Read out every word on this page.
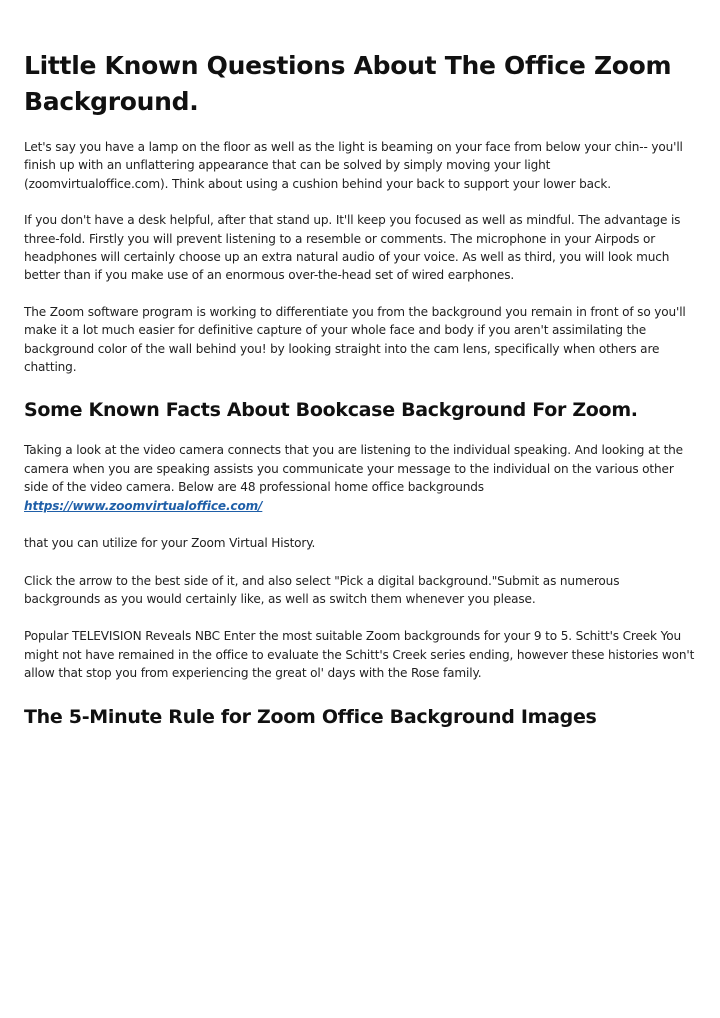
Little Known Questions About The Office Zoom Background.

Let's say you have a lamp on the floor as well as the light is beaming on your face from below your chin-- you'll finish up with an unflattering appearance that can be solved by simply moving your light (zoomvirtualoffice.com). Think about using a cushion behind your back to support your lower back.

If you don't have a desk helpful, after that stand up. It'll keep you focused as well as mindful. The advantage is three-fold. Firstly you will prevent listening to a resemble or comments. The microphone in your Airpods or headphones will certainly choose up an extra natural audio of your voice. As well as third, you will look much better than if you make use of an enormous over-the-head set of wired earphones.

The Zoom software program is working to differentiate you from the background you remain in front of so you'll make it a lot much easier for definitive capture of your whole face and body if you aren't assimilating the background color of the wall behind you! by looking straight into the cam lens, specifically when others are chatting.

Some Known Facts About Bookcase Background For Zoom.

Taking a look at the video camera connects that you are listening to the individual speaking. And looking at the camera when you are speaking assists you communicate your message to the individual on the various other side of the video camera. Below are 48 professional home office backgrounds https://www.zoomvirtualoffice.com/

that you can utilize for your Zoom Virtual History.

Click the arrow to the best side of it, and also select "Pick a digital background."Submit as numerous backgrounds as you would certainly like, as well as switch them whenever you please.

Popular TELEVISION Reveals NBC Enter the most suitable Zoom backgrounds for your 9 to 5. Schitt's Creek You might not have remained in the office to evaluate the Schitt's Creek series ending, however these histories won't allow that stop you from experiencing the great ol' days with the Rose family.

The 5-Minute Rule for Zoom Office Background Images
